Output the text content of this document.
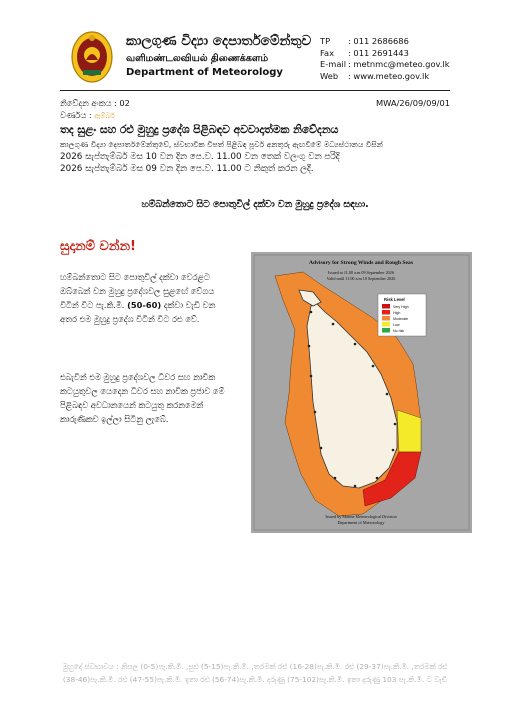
කාලගුණ විද්‍යා දෙපාර්තමේන්තුව
வளிமண்டலவியல் திணைக்களம்
Department of Meteorology
TP	: 011 2686686
Fax	: 011 2691443
E-mail : metnmc@meteo.gov.lk
Web	: www.meteo.gov.lk
නිවේදන අංකය : 02	MWA/26/09/09/01
වර්ණය : ඇම්බර්
තද සුළං සහ රළු මුහුදු ප්‍රදේශ පිළිබඳව අවවාදාත්මක නිවේදනය
කාලගුණ විද්‍යා දෙපාර්තමේන්තුවේ, ස්වභාවික විපත් පිළිබඳ පූර්ව අනතුරු ඇඟවීමේ මධ්‍යස්ථානය විසින්
2026 සැප්තැම්බර් මස 10 වන දින පෙ.ව. 11.00 වන තෙක් වලංගු වන පරිදි
2026 සැප්තැම්බර් මස 09 වන දින පෙ.ව. 11.00 ට නිකුත් කරන ලදී.
හම්බන්තොට සිට පොතුවිල් දක්වා වන මුහුදු ප්‍රදේශ සඳහා.
සුදානම් වන්න!
හම්බන්තොට සිට පොතුවිල් දක්වා වෙරළට ඔබ්බෙන් වන මුහුදු ප්‍රදේශවල සුළඟේ වේගය විටින් විට පැ.කි.මී. (50-60) දක්වා වැඩි වන අතර එම මුහුදු ප්‍රදේශ විටින් විට රළු වේ.
එබැවින් එම මුහුදු ප්‍රදේශවල ධීවර සහ නාවික කටයුතුවල යෙදෙන ධීවර සහ නාවික ප්‍රජාව මේ පිළිබඳව අවධානයෙන් කටයුතු කරනමෙන් කාරුණිකව ඉල්ලා සිටිනු ලැබේ.
Advisory for Strong Winds and Rough Seas
Issued at 11.00 a.m 09 September 2026
Valid until 11.00 a.m 10 September 2026
Risk Level
Very High
High
Moderate
Low
No risk
Issued by Marine Meteorological Division
Department of Meteorology
මුහුදේ ස්වභාවය : නිසල (0-5)පැ.කි.මී. ,සුළු (5-15)පැ.කි.මී. ,තරමක් රළු (16-28)පැ.කි.මී. රළු (29-37)පැ.කි.මී. ,තරමක් රළු (38-46)පැ.කි.මී. රළු (47-55)පැ.කි.මී. ඉතා රළු (56-74)පැ.කි.මී. දරුණු (75-102)පැ.කි.මී. ඉතා දරුණු 103 පැ.කි.මී. ට වැඩි
